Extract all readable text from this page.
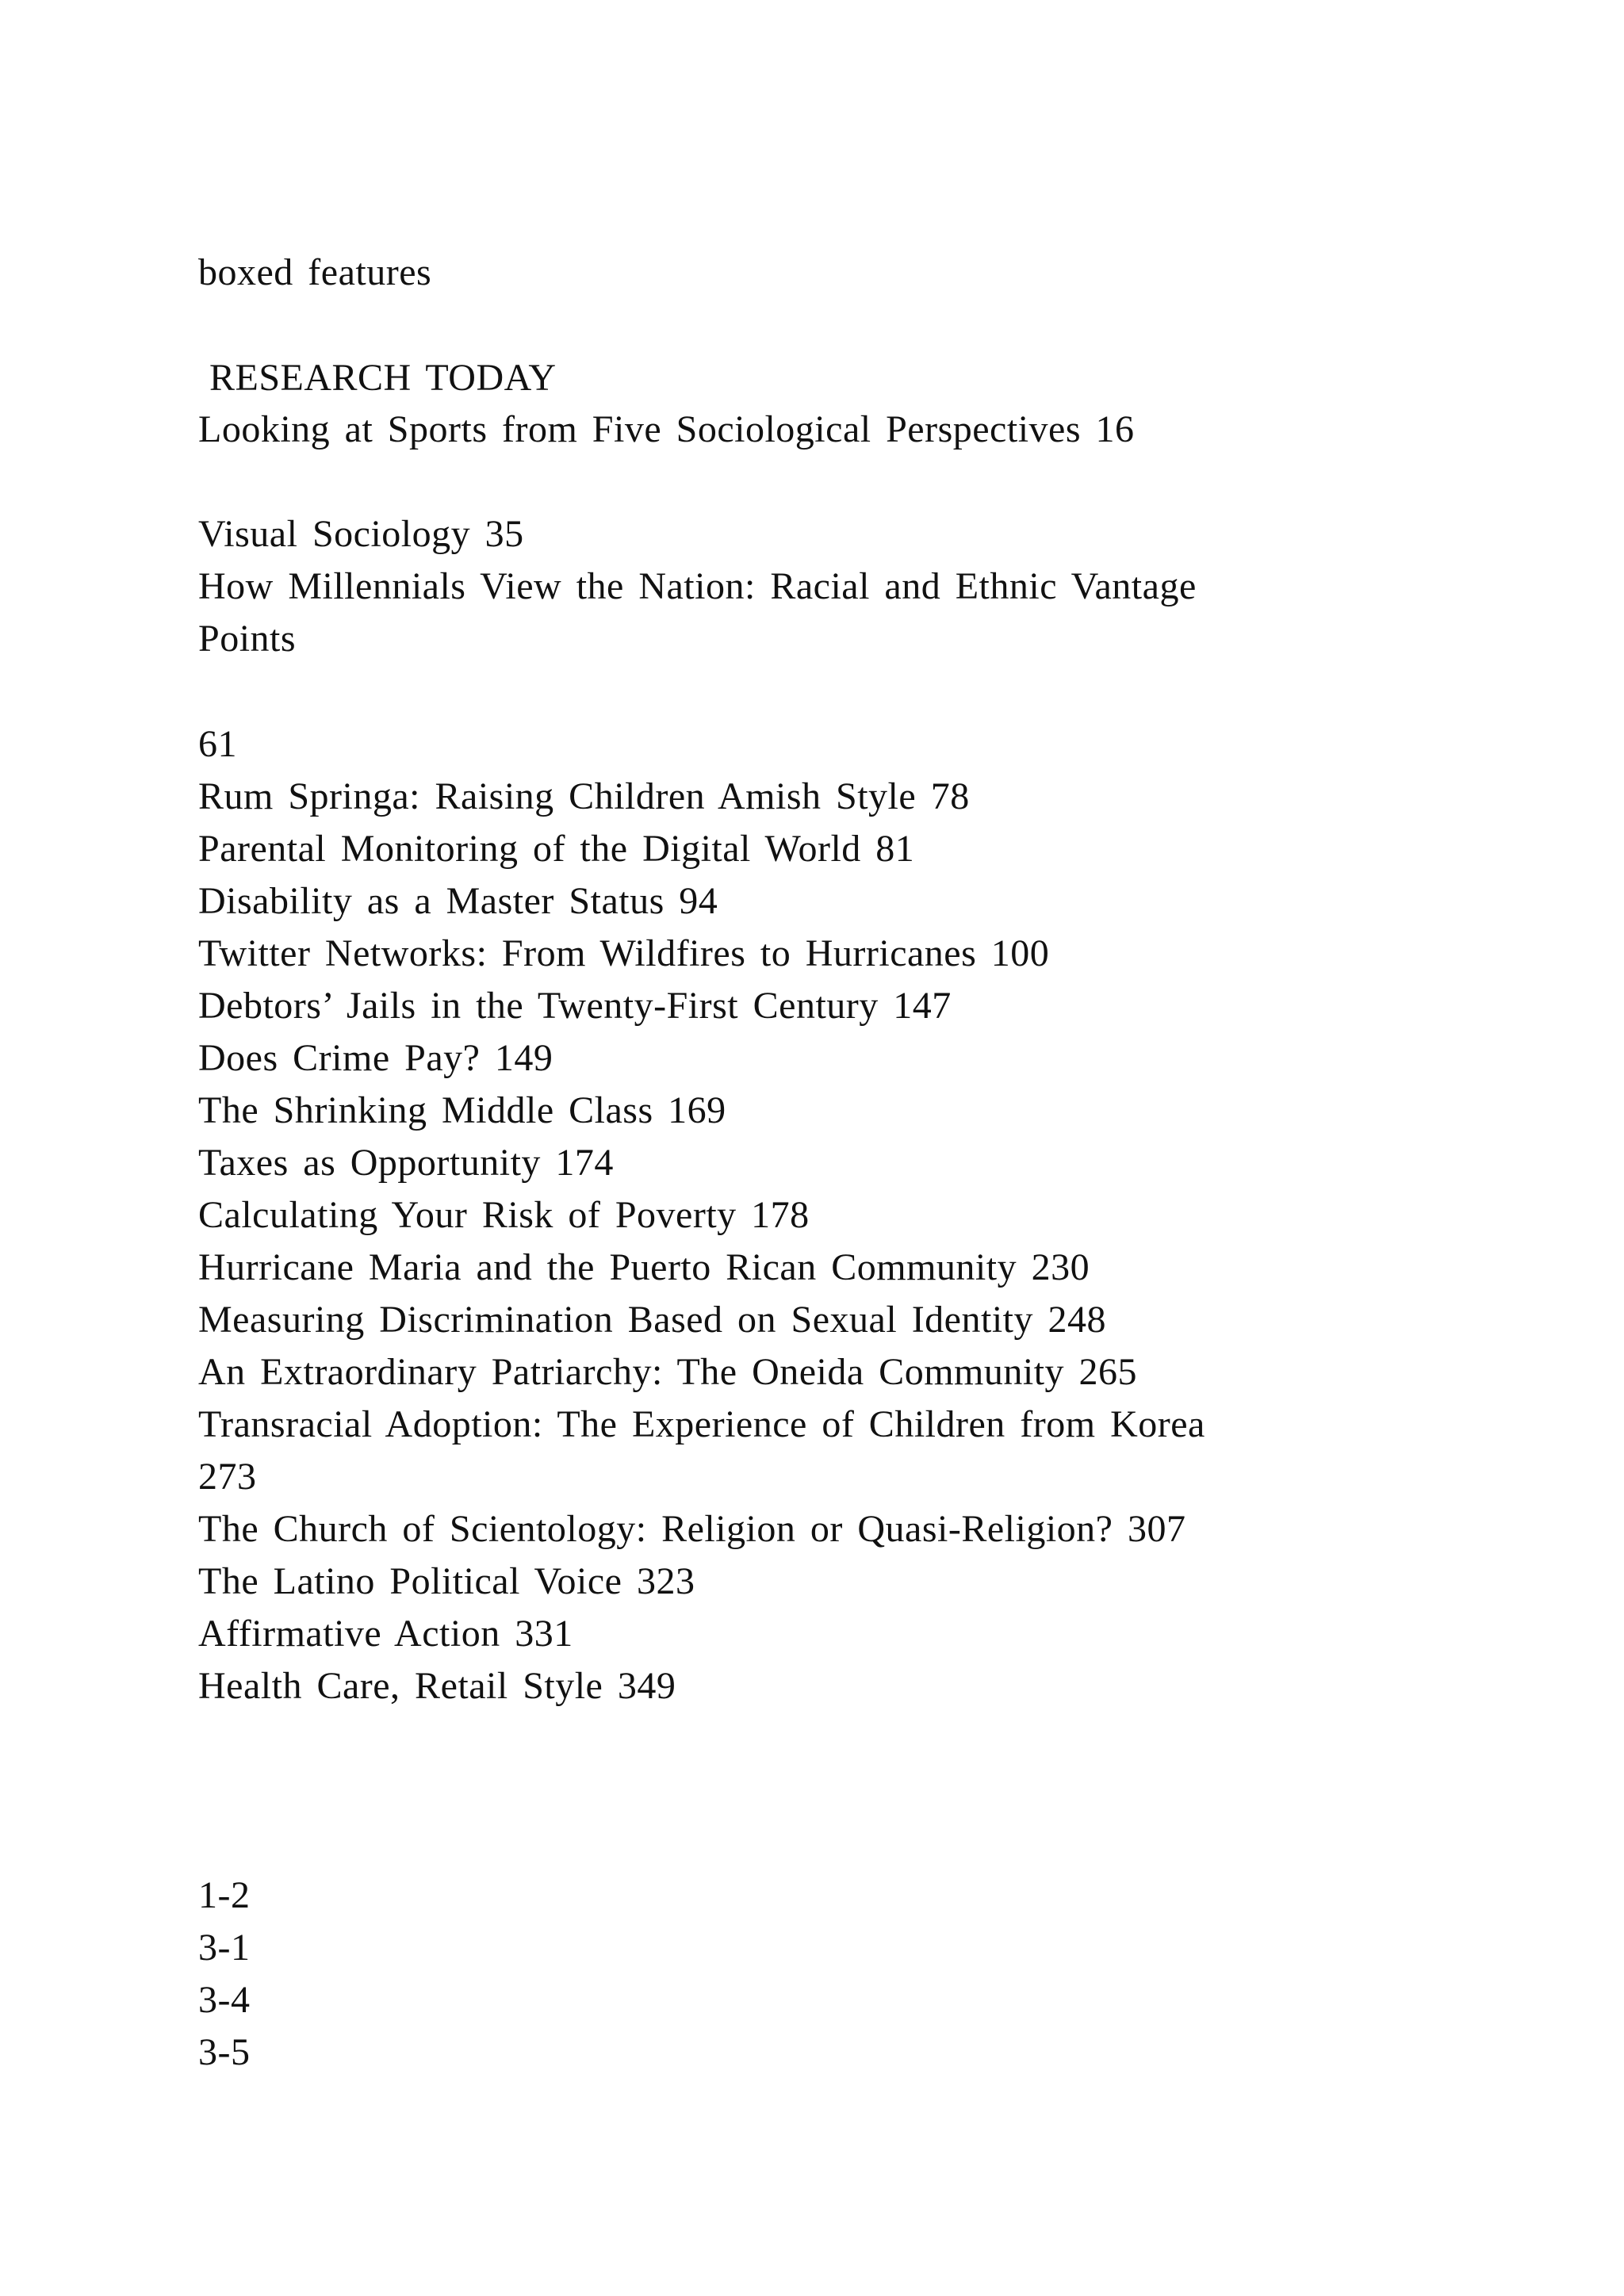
boxed features

RESEARCH TODAY

Looking at Sports from Five Sociological Perspectives 16

Visual Sociology 35

How Millennials View the Nation: Racial and Ethnic Vantage

Points

61

Rum Springa: Raising Children Amish Style 78

Parental Monitoring of the Digital World 81

Disability as a Master Status 94

Twitter Networks: From Wildfires to Hurricanes 100

Debtors’ Jails in the Twenty-First Century 147

Does Crime Pay? 149

The Shrinking Middle Class 169

Taxes as Opportunity 174

Calculating Your Risk of Poverty 178

Hurricane Maria and the Puerto Rican Community 230

Measuring Discrimination Based on Sexual Identity 248

An Extraordinary Patriarchy: The Oneida Community 265

Transracial Adoption: The Experience of Children from Korea

273

The Church of Scientology: Religion or Quasi-Religion? 307

The Latino Political Voice 323

Affirmative Action 331

Health Care, Retail Style 349

1-2

3-1

3-4

3-5
